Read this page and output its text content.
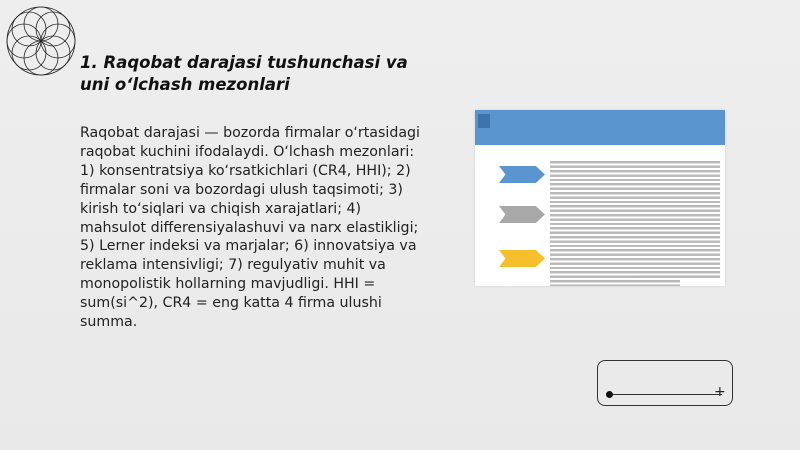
1. Raqobat darajasi tushunchasi va uni o‘lchash mezonlari

Raqobat darajasi — bozorda firmalar o‘rtasidagi raqobat kuchini ifodalaydi. O‘lchash mezonlari: 1) konsentratsiya ko‘rsatkichlari (CR4, HHI); 2) firmalar soni va bozordagi ulush taqsimoti; 3) kirish to‘siqlari va chiqish xarajatlari; 4) mahsulot differensiyalashuvi va narx elastikligi; 5) Lerner indeksi va marjalar; 6) innovatsiya va reklama intensivligi; 7) regulyativ muhit va monopolistik hollarning mavjudligi. HHI = sum(si^2), CR4 = eng katta 4 firma ulushi summa.

+
